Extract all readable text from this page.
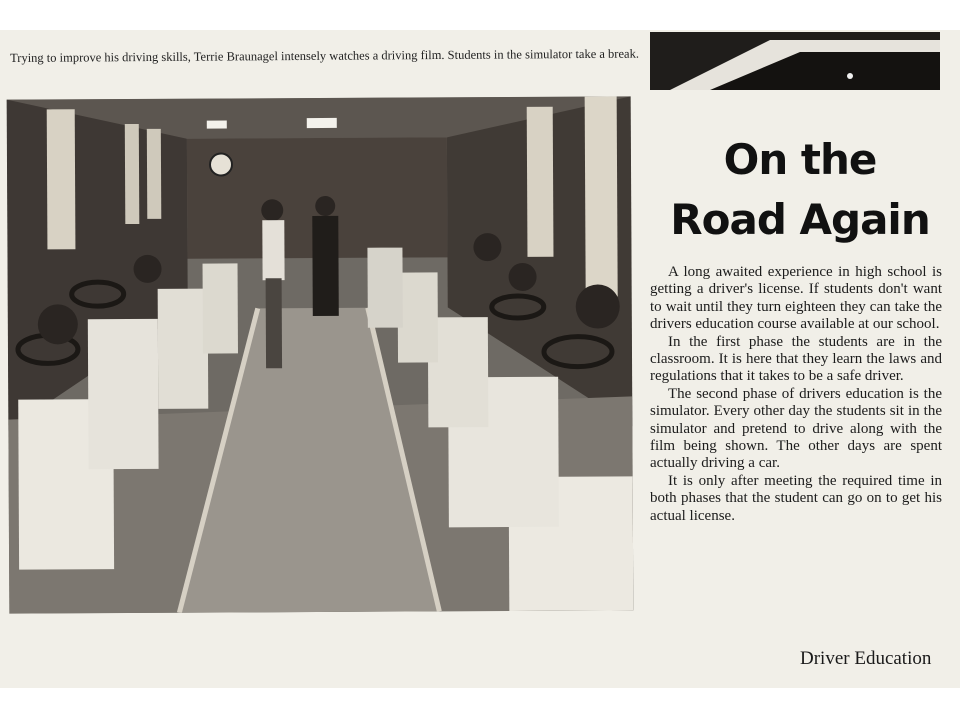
Trying to improve his driving skills, Terrie Braunagel intensely watches a driving film. Students in the simulator take a break.
On the
Road Again

A long awaited experience in high school is getting a driver's license. If students don't want to wait until they turn eighteen they can take the drivers education course available at our school.

In the first phase the students are in the classroom. It is here that they learn the laws and regulations that it takes to be a safe driver.

The second phase of drivers education is the simulator. Every other day the students sit in the simulator and pretend to drive along with the film being shown. The other days are spent actually driving a car.

It is only after meeting the required time in both phases that the student can go on to get his actual license.

Driver Education
